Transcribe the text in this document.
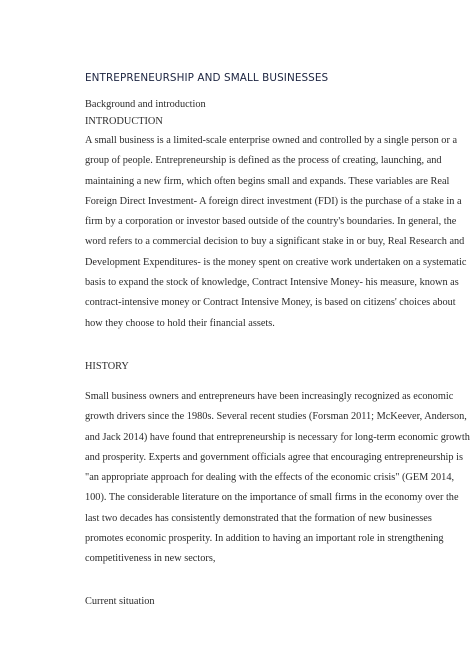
ENTREPRENEURSHIP AND SMALL BUSINESSES
Background and introduction
INTRODUCTION
A small business is a limited-scale enterprise owned and controlled by a single person or a
group of people. Entrepreneurship is defined as the process of creating, launching, and
maintaining a new firm, which often begins small and expands. These variables are Real
Foreign Direct Investment- A foreign direct investment (FDI) is the purchase of a stake in a
firm by a corporation or investor based outside of the country's boundaries. In general, the
word refers to a commercial decision to buy a significant stake in or buy, Real Research and
Development Expenditures- is the money spent on creative work undertaken on a systematic
basis to expand the stock of knowledge, Contract Intensive Money- his measure, known as
contract-intensive money or Contract Intensive Money, is based on citizens' choices about
how they choose to hold their financial assets.
HISTORY
Small business owners and entrepreneurs have been increasingly recognized as economic
growth drivers since the 1980s. Several recent studies (Forsman 2011; McKeever, Anderson,
and Jack 2014) have found that entrepreneurship is necessary for long-term economic growth
and prosperity. Experts and government officials agree that encouraging entrepreneurship is
"an appropriate approach for dealing with the effects of the economic crisis" (GEM 2014,
100). The considerable literature on the importance of small firms in the economy over the
last two decades has consistently demonstrated that the formation of new businesses
promotes economic prosperity. In addition to having an important role in strengthening
competitiveness in new sectors,
Current situation
